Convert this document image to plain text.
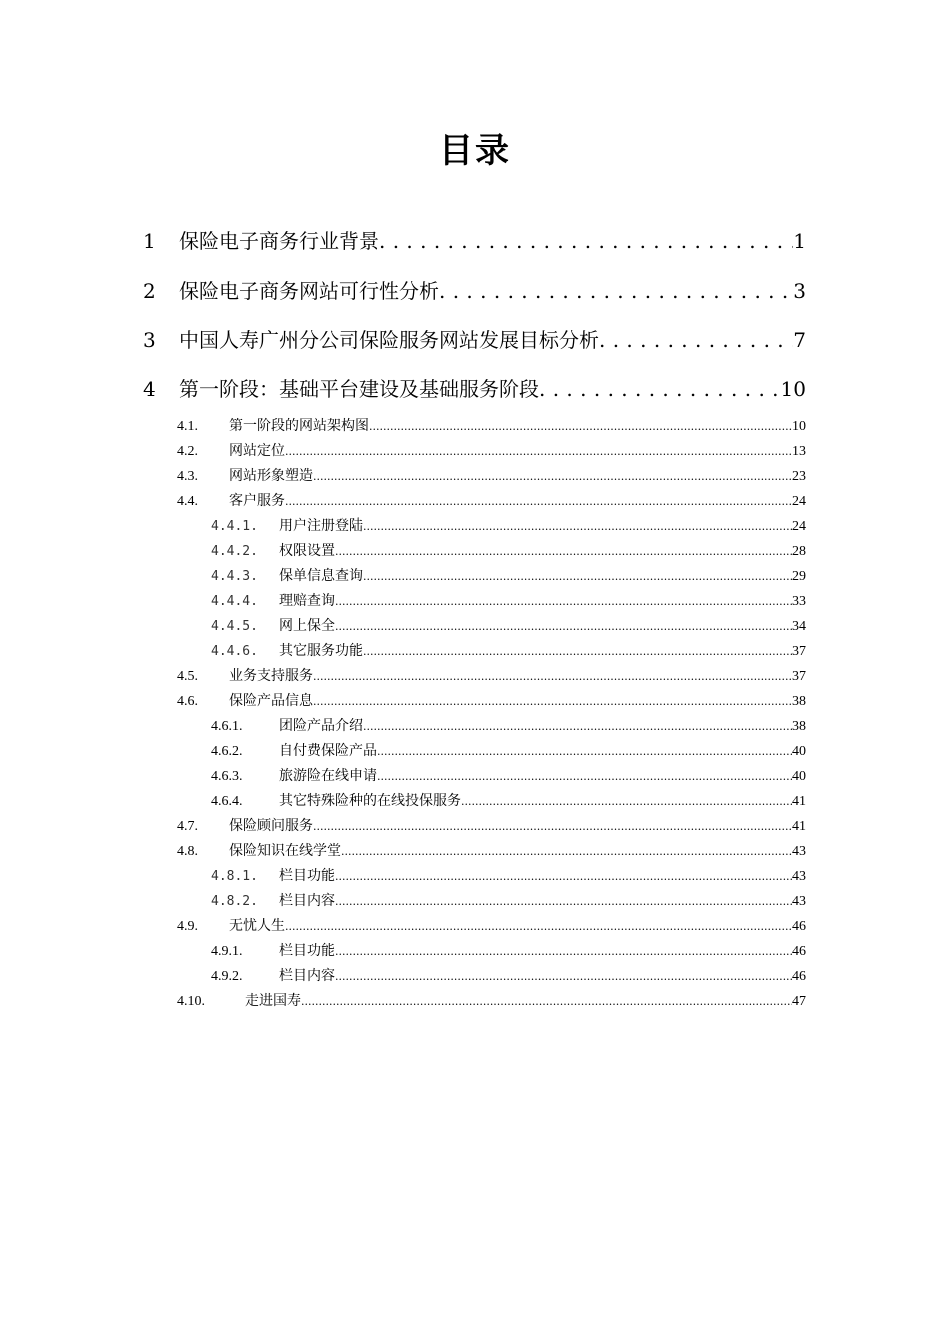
目录
1	保险电子商务行业背景 . . .	1
2	保险电子商务网站可行性分析 . . .	3
3	中国人寿广州分公司保险服务网站发展目标分析 . . .	7
4	第一阶段：基础平台建设及基础服务阶段 . . .	10
4.1.	第一阶段的网站架构图 .....	10
4.2.	网站定位 .....	13
4.3.	网站形象塑造 .....	23
4.4.	客户服务 .....	24
4.4.1.	用户注册登陆 .....	24
4.4.2.	权限设置 .....	28
4.4.3.	保单信息查询 .....	29
4.4.4.	理赔查询 .....	33
4.4.5.	网上保全 .....	34
4.4.6.	其它服务功能 .....	37
4.5.	业务支持服务 .....	37
4.6.	保险产品信息 .....	38
4.6.1.	团险产品介绍 .....	38
4.6.2.	自付费保险产品 .....	40
4.6.3.	旅游险在线申请 .....	40
4.6.4.	其它特殊险种的在线投保服务 .....	41
4.7.	保险顾问服务 .....	41
4.8.	保险知识在线学堂 .....	43
4.8.1.	栏目功能 .....	43
4.8.2.	栏目内容 .....	43
4.9.	无忧人生 .....	46
4.9.1.	栏目功能 .....	46
4.9.2.	栏目内容 .....	46
4.10.	走进国寿 .....	47
